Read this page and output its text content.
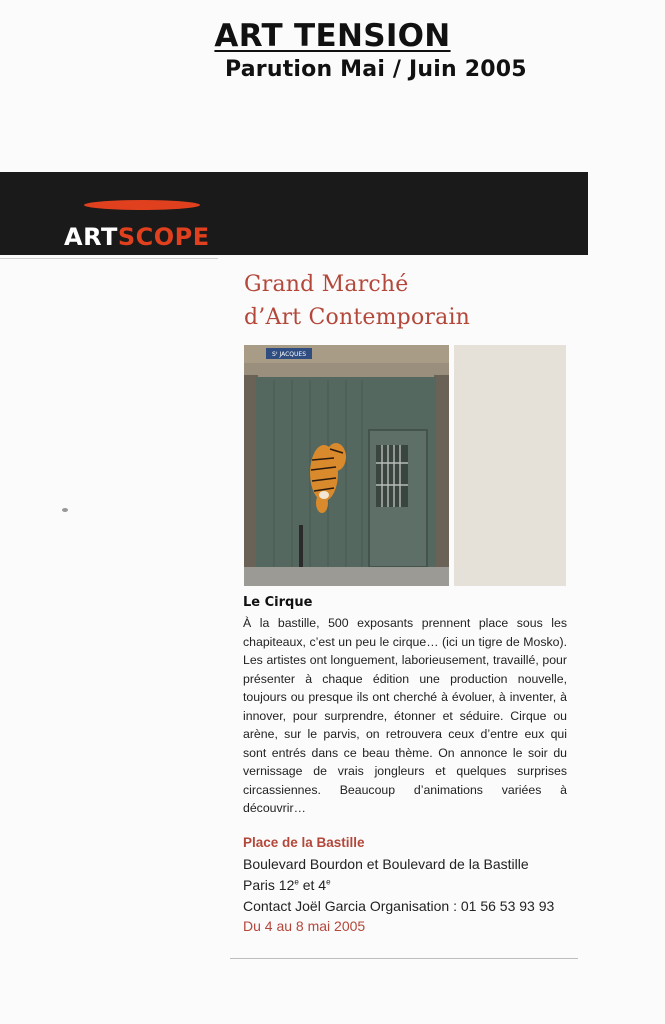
ART TENSION

Parution Mai / Juin 2005

ARTSCOPE

Grand Marché
d’Art Contemporain
Sᵗ JACQUES

Le Cirque

À la bastille, 500 exposants prennent place sous les chapiteaux, c’est un peu le cirque… (ici un tigre de Mosko). Les artistes ont longuement, laborieusement, travaillé, pour présenter à chaque édition une production nouvelle, toujours ou presque ils ont cherché à évoluer, à inventer, à innover, pour surprendre, étonner et séduire. Cirque ou arène, sur le parvis, on retrouvera ceux d’entre eux qui sont entrés dans ce beau thème. On annonce le soir du vernissage de vrais jongleurs et quelques surprises circassiennes. Beaucoup d’animations variées à découvrir…

Place de la Bastille

Boulevard Bourdon et Boulevard de la Bastille

Paris 12e et 4e

Contact Joël Garcia Organisation : 01 56 53 93 93

Du 4 au 8 mai 2005
